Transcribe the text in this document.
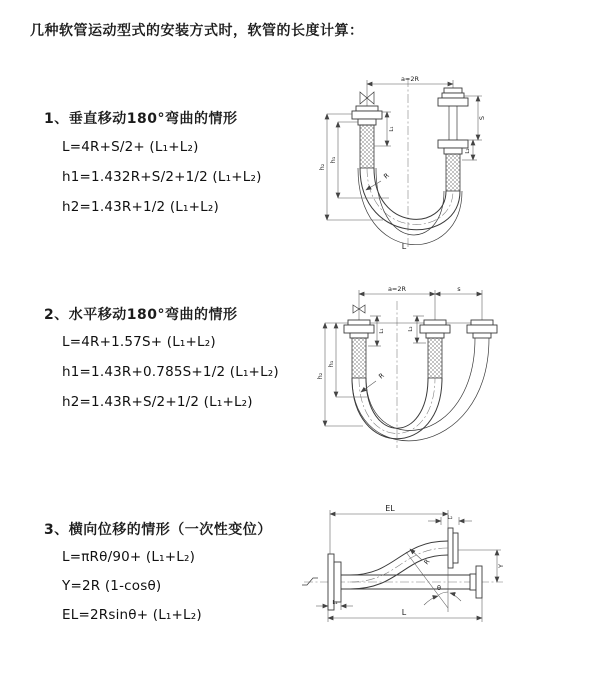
几种软管运动型式的安装方式时，软管的长度计算：
1、垂直移动180°弯曲的情形
L=4R+S/2+ (L₁+L₂)
h1=1.432R+S/2+1/2 (L₁+L₂)
h2=1.43R+1/2 (L₁+L₂)
2、水平移动180°弯曲的情形
L=4R+1.57S+ (L₁+L₂)
h1=1.43R+0.785S+1/2 (L₁+L₂)
h2=1.43R+S/2+1/2 (L₁+L₂)
3、横向位移的情形（一次性变位）
L=πRθ/90+ (L₁+L₂)
Y=2R (1-cosθ)
EL=2Rsinθ+ (L₁+L₂)
a=2R
h₂
h₁
L₁
S
L₂
R
L
a=2R	s
h₂
h₁
L₁	L₂
R
θ
R
EL
L₂
Y
L
L₁
